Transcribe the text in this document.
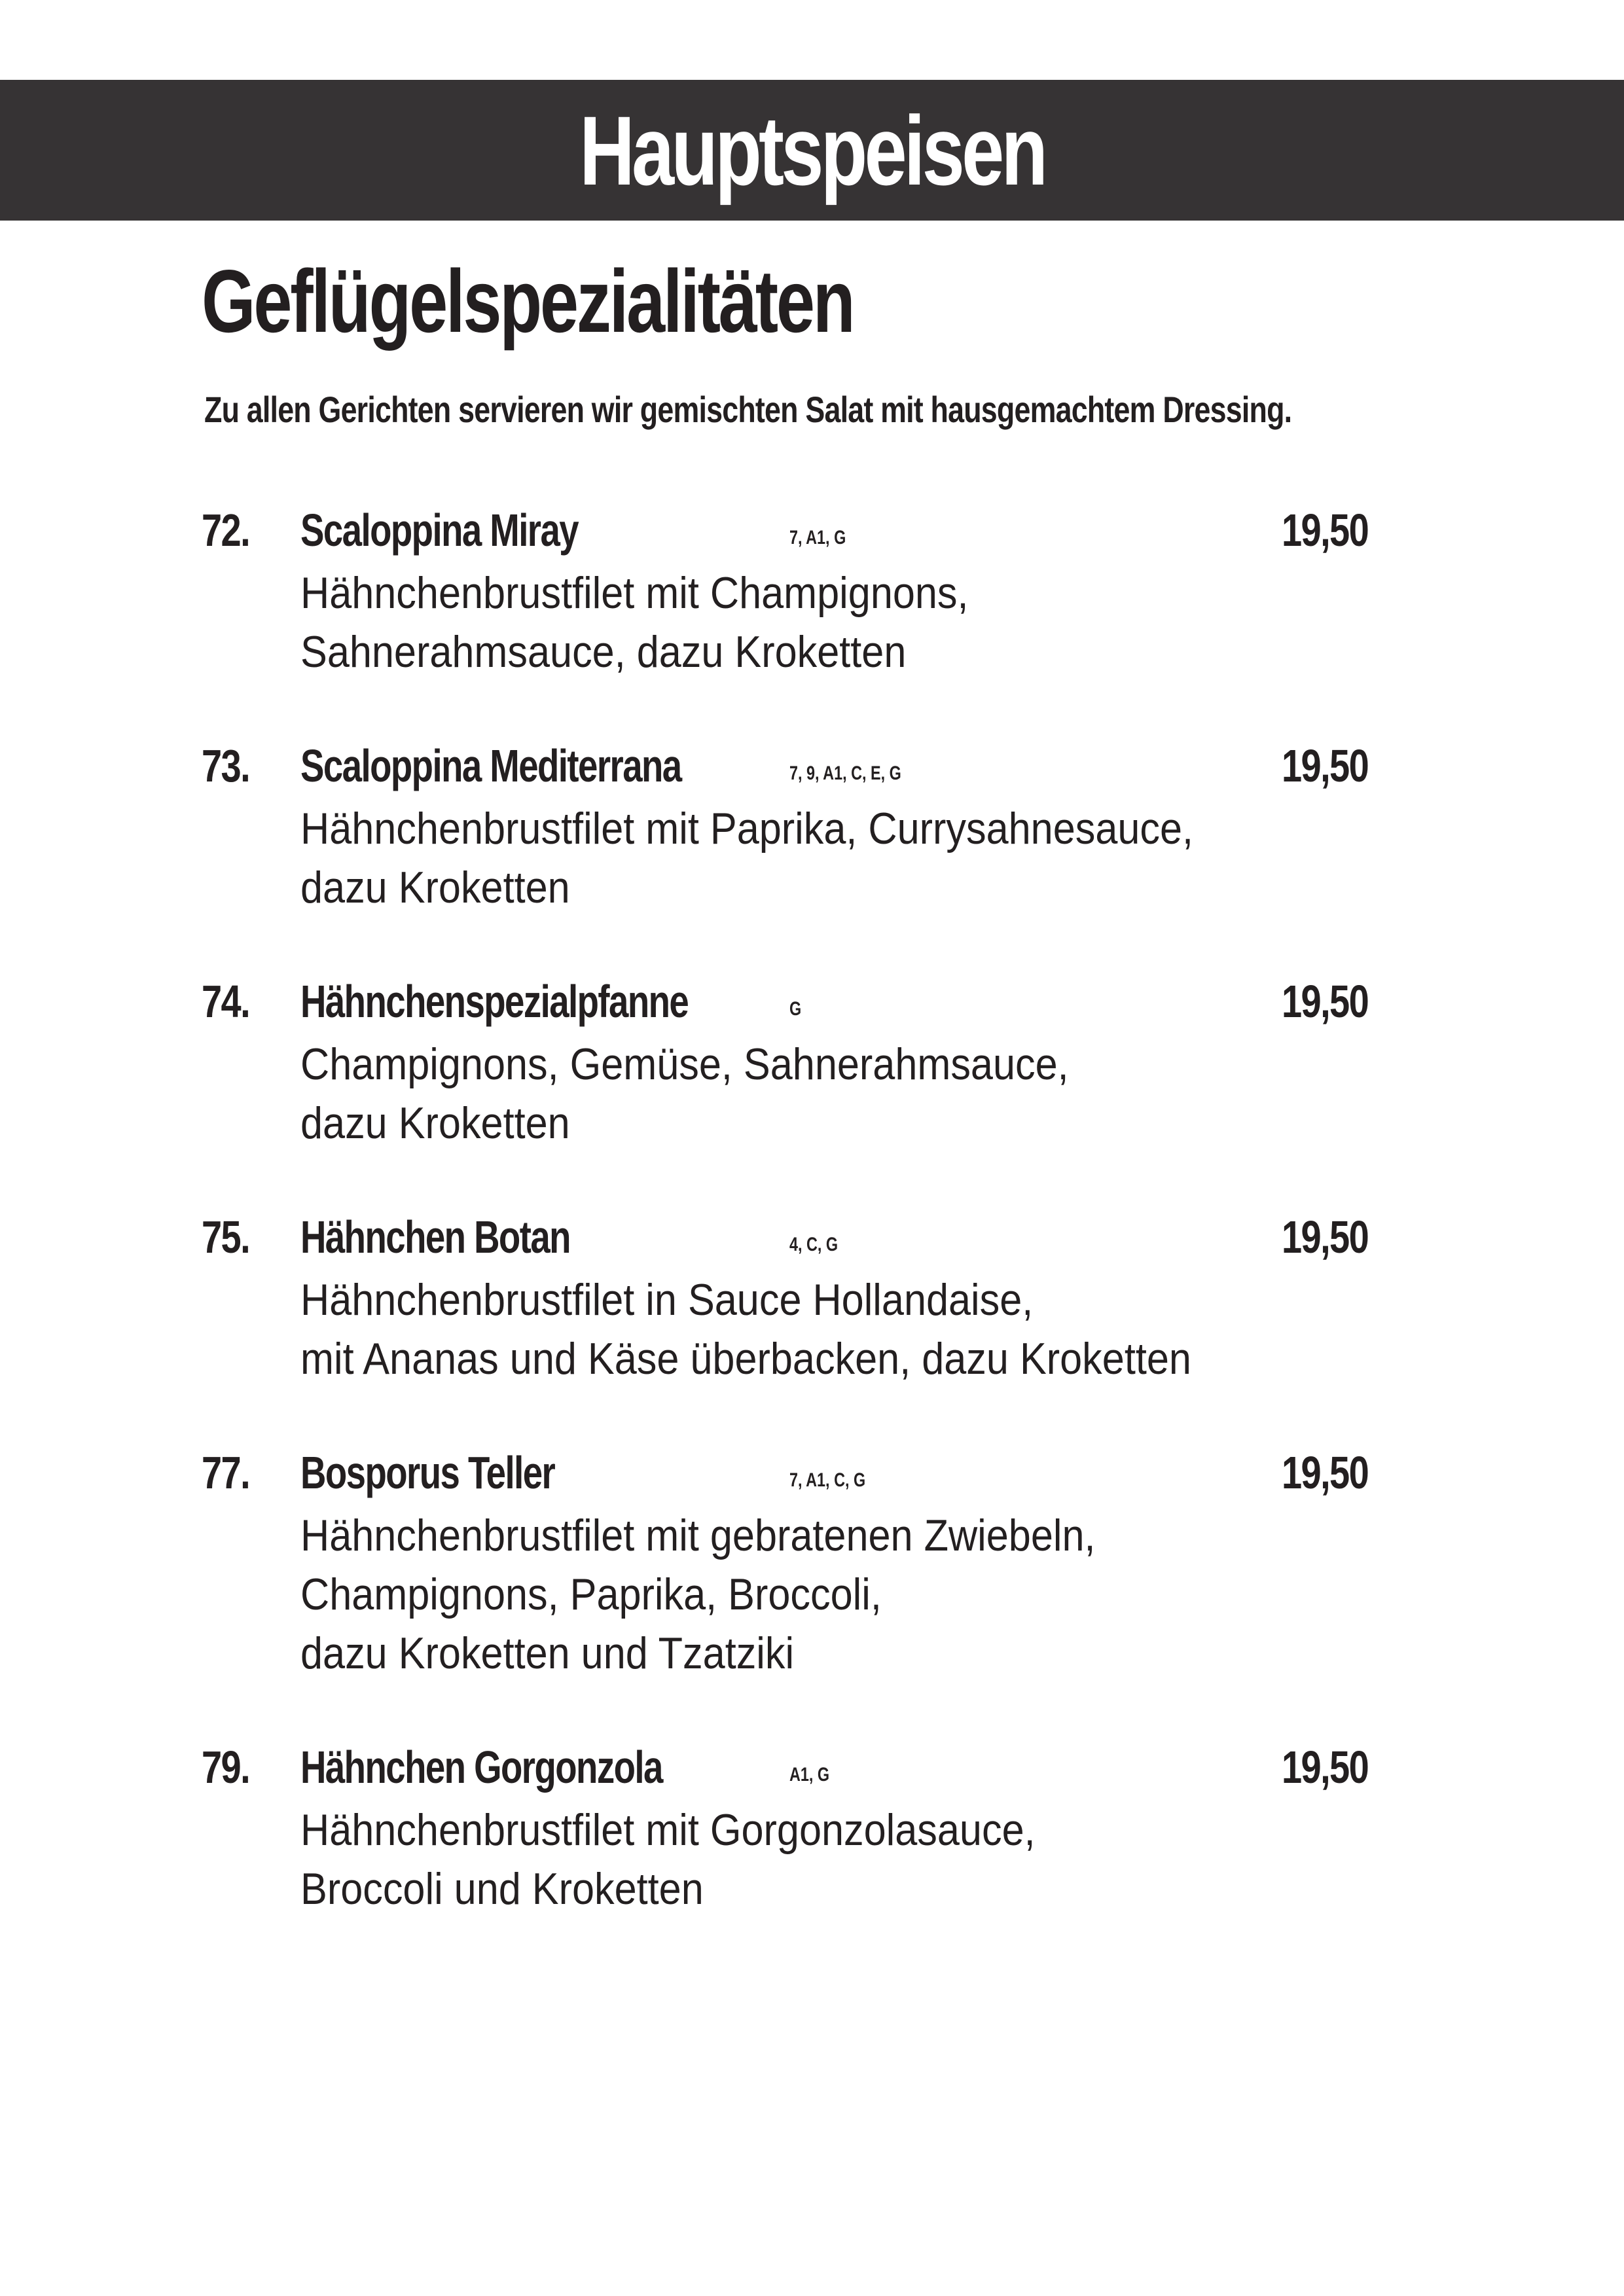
Hauptspeisen
Geflügelspezialitäten
Zu allen Gerichten servieren wir gemischten Salat mit hausgemachtem Dressing.
72. Scaloppina Miray	7, A1, G	19,50
Hähnchenbrustfilet mit Champignons,
Sahnerahmsauce, dazu Kroketten
73. Scaloppina Mediterrana	7, 9, A1, C, E, G	19,50
Hähnchenbrustfilet mit Paprika, Currysahnesauce,
dazu Kroketten
74. Hähnchenspezialpfanne	G	19,50
Champignons, Gemüse, Sahnerahmsauce,
dazu Kroketten
75. Hähnchen Botan	4, C, G	19,50
Hähnchenbrustfilet in Sauce Hollandaise,
mit Ananas und Käse überbacken, dazu Kroketten
77. Bosporus Teller	7, A1, C, G	19,50
Hähnchenbrustfilet mit gebratenen Zwiebeln,
Champignons, Paprika, Broccoli,
dazu Kroketten und Tzatziki
79. Hähnchen Gorgonzola	A1, G	19,50
Hähnchenbrustfilet mit Gorgonzolasauce,
Broccoli und Kroketten
